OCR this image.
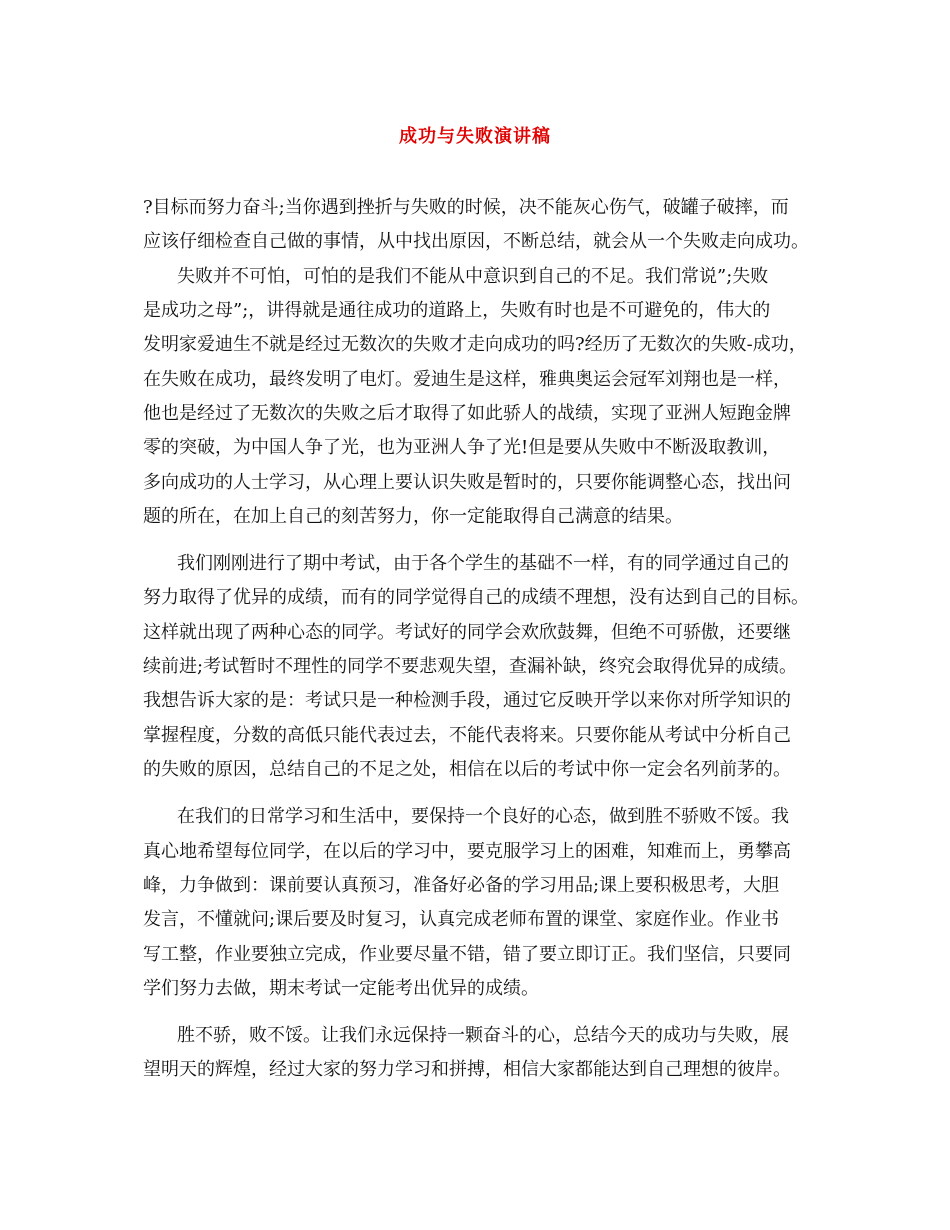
成功与失败演讲稿
?目标而努力奋斗;当你遇到挫折与失败的时候，决不能灰心伤气，破罐子破摔，而
应该仔细检查自己做的事情，从中找出原因，不断总结，就会从一个失败走向成功。
失败并不可怕，可怕的是我们不能从中意识到自己的不足。我们常说”;失败
是成功之母”;，讲得就是通往成功的道路上，失败有时也是不可避免的，伟大的
发明家爱迪生不就是经过无数次的失败才走向成功的吗?经历了无数次的失败-成功，
在失败在成功，最终发明了电灯。爱迪生是这样，雅典奥运会冠军刘翔也是一样，
他也是经过了无数次的失败之后才取得了如此骄人的战绩，实现了亚洲人短跑金牌
零的突破，为中国人争了光，也为亚洲人争了光!但是要从失败中不断汲取教训，
多向成功的人士学习，从心理上要认识失败是暂时的，只要你能调整心态，找出问
题的所在，在加上自己的刻苦努力，你一定能取得自己满意的结果。
我们刚刚进行了期中考试，由于各个学生的基础不一样，有的同学通过自己的
努力取得了优异的成绩，而有的同学觉得自己的成绩不理想，没有达到自己的目标。
这样就出现了两种心态的同学。考试好的同学会欢欣鼓舞，但绝不可骄傲，还要继
续前进;考试暂时不理性的同学不要悲观失望，查漏补缺，终究会取得优异的成绩。
我想告诉大家的是：考试只是一种检测手段，通过它反映开学以来你对所学知识的
掌握程度，分数的高低只能代表过去，不能代表将来。只要你能从考试中分析自己
的失败的原因，总结自己的不足之处，相信在以后的考试中你一定会名列前茅的。
在我们的日常学习和生活中，要保持一个良好的心态，做到胜不骄败不馁。我
真心地希望每位同学，在以后的学习中，要克服学习上的困难，知难而上，勇攀高
峰，力争做到：课前要认真预习，准备好必备的学习用品;课上要积极思考，大胆
发言，不懂就问;课后要及时复习，认真完成老师布置的课堂、家庭作业。作业书
写工整，作业要独立完成，作业要尽量不错，错了要立即订正。我们坚信，只要同
学们努力去做，期末考试一定能考出优异的成绩。
胜不骄，败不馁。让我们永远保持一颗奋斗的心，总结今天的成功与失败，展
望明天的辉煌，经过大家的努力学习和拼搏，相信大家都能达到自己理想的彼岸。
